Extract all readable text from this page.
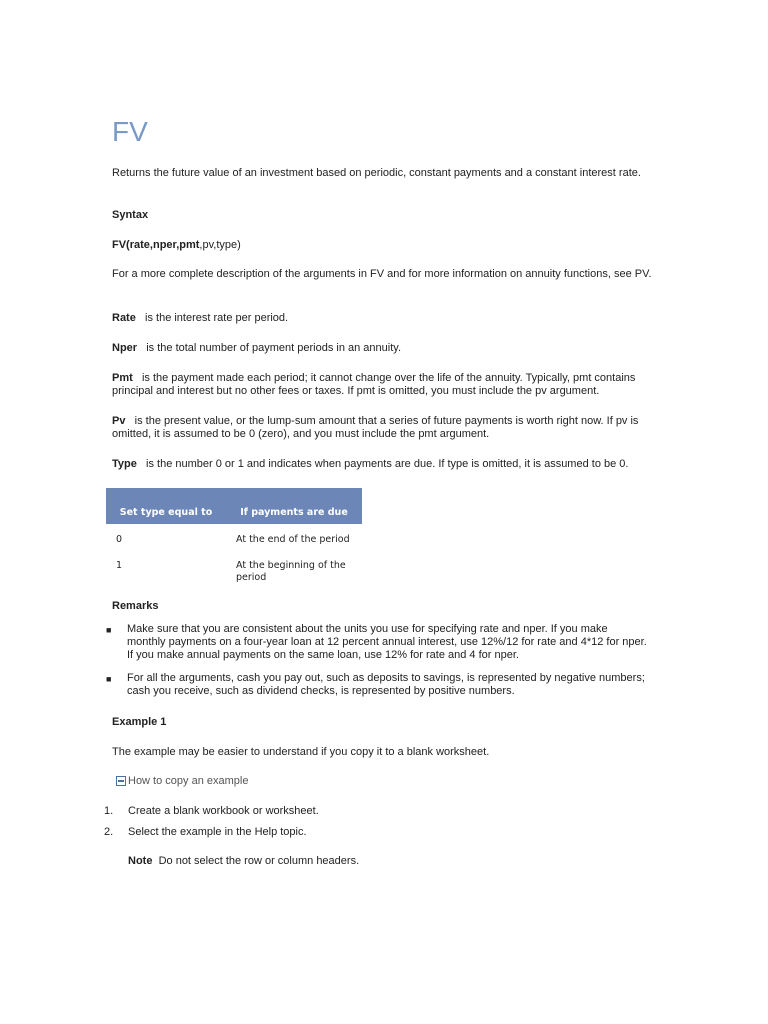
FV

Returns the future value of an investment based on periodic, constant payments and a constant interest rate.

Syntax

FV(rate,nper,pmt,pv,type)

For a more complete description of the arguments in FV and for more information on annuity functions, see PV.

Rate is the interest rate per period.

Nper is the total number of payment periods in an annuity.

Pmt is the payment made each period; it cannot change over the life of the annuity. Typically, pmt contains principal and interest but no other fees or taxes. If pmt is omitted, you must include the pv argument.

Pv is the present value, or the lump-sum amount that a series of future payments is worth right now. If pv is omitted, it is assumed to be 0 (zero), and you must include the pmt argument.

Type is the number 0 or 1 and indicates when payments are due. If type is omitted, it is assumed to be 0.

Set type equal to	If payments are due
0	At the end of the period
1	At the beginning of the period

Remarks

■ Make sure that you are consistent about the units you use for specifying rate and nper. If you make monthly payments on a four-year loan at 12 percent annual interest, use 12%/12 for rate and 4*12 for nper. If you make annual payments on the same loan, use 12% for rate and 4 for nper.

■ For all the arguments, cash you pay out, such as deposits to savings, is represented by negative numbers; cash you receive, such as dividend checks, is represented by positive numbers.

Example 1

The example may be easier to understand if you copy it to a blank worksheet.

How to copy an example
1. Create a blank workbook or worksheet.
2. Select the example in the Help topic.

Note Do not select the row or column headers.
